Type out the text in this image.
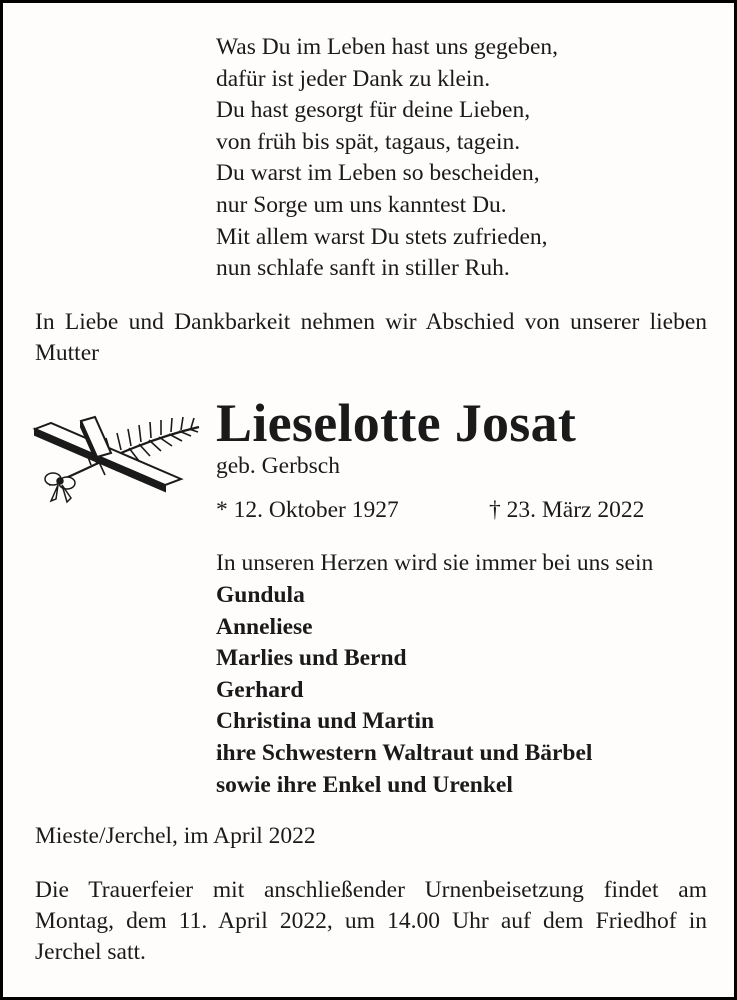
Was Du im Leben hast uns gegeben,
dafür ist jeder Dank zu klein.
Du hast gesorgt für deine Lieben,
von früh bis spät, tagaus, tagein.
Du warst im Leben so bescheiden,
nur Sorge um uns kanntest Du.
Mit allem warst Du stets zufrieden,
nun schlafe sanft in stiller Ruh.
In Liebe und Dankbarkeit nehmen wir Abschied von unserer lieben Mutter
Lieselotte Josat
geb. Gerbsch
* 12. Oktober 1927	† 23. März 2022
In unseren Herzen wird sie immer bei uns sein
Gundula
Anneliese
Marlies und Bernd
Gerhard
Christina und Martin
ihre Schwestern Waltraut und Bärbel
sowie ihre Enkel und Urenkel
Mieste/Jerchel, im April 2022
Die Trauerfeier mit anschließender Urnenbeisetzung findet am Montag, dem 11. April 2022, um 14.00 Uhr auf dem Friedhof in Jerchel satt.
